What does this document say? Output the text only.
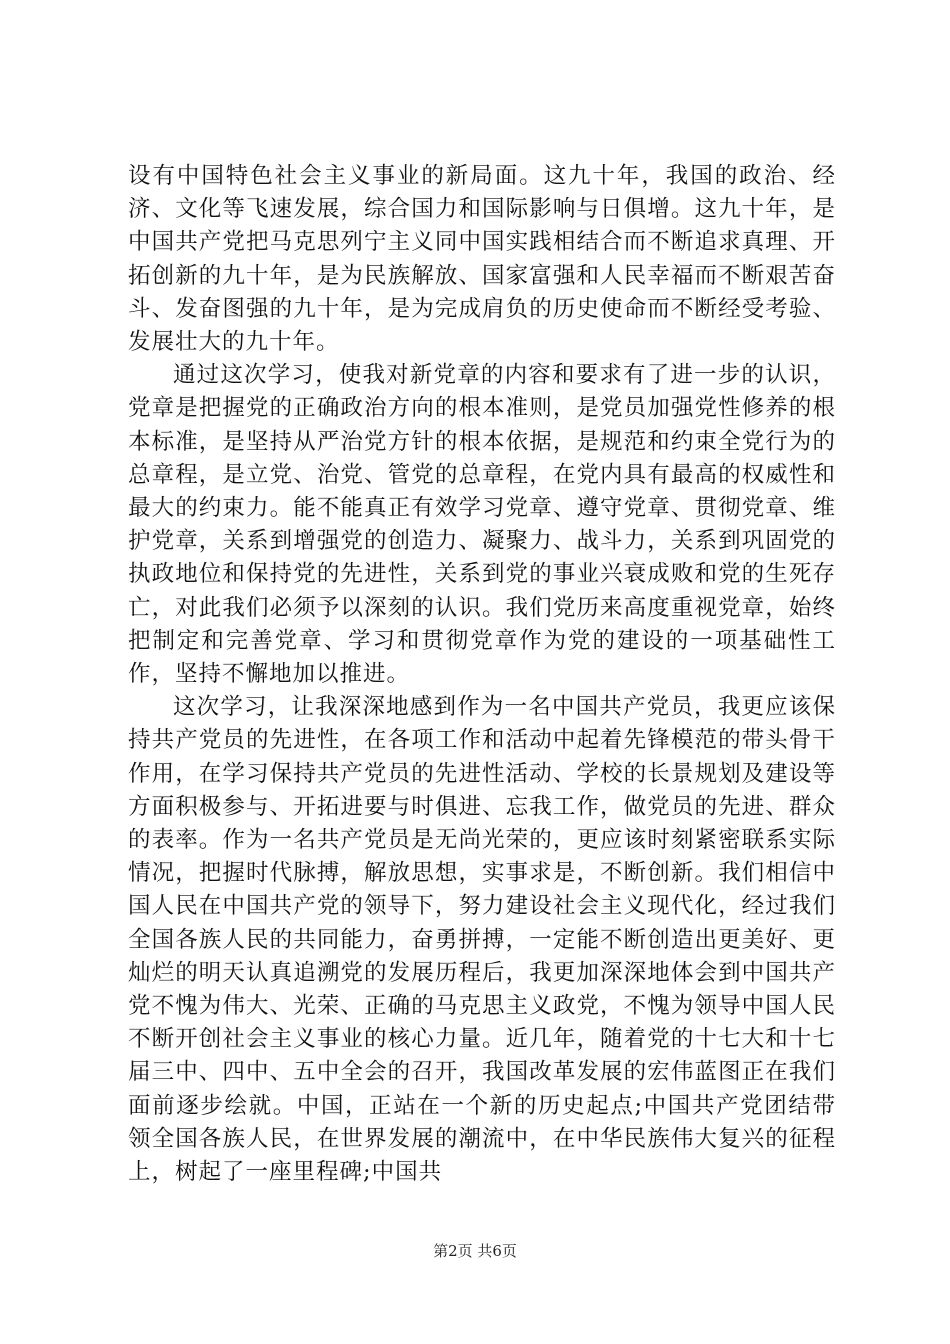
设有中国特色社会主义事业的新局面。这九十年，我国的政治、经济、文化等飞速发展，综合国力和国际影响与日俱增。这九十年，是中国共产党把马克思列宁主义同中国实践相结合而不断追求真理、开拓创新的九十年，是为民族解放、国家富强和人民幸福而不断艰苦奋斗、发奋图强的九十年，是为完成肩负的历史使命而不断经受考验、发展壮大的九十年。

通过这次学习，使我对新党章的内容和要求有了进一步的认识，党章是把握党的正确政治方向的根本准则，是党员加强党性修养的根本标准，是坚持从严治党方针的根本依据，是规范和约束全党行为的总章程，是立党、治党、管党的总章程，在党内具有最高的权威性和最大的约束力。能不能真正有效学习党章、遵守党章、贯彻党章、维护党章，关系到增强党的创造力、凝聚力、战斗力，关系到巩固党的执政地位和保持党的先进性，关系到党的事业兴衰成败和党的生死存亡，对此我们必须予以深刻的认识。我们党历来高度重视党章，始终把制定和完善党章、学习和贯彻党章作为党的建设的一项基础性工作，坚持不懈地加以推进。

这次学习，让我深深地感到作为一名中国共产党员，我更应该保持共产党员的先进性，在各项工作和活动中起着先锋模范的带头骨干作用，在学习保持共产党员的先进性活动、学校的长景规划及建设等方面积极参与、开拓进要与时俱进、忘我工作，做党员的先进、群众的表率。作为一名共产党员是无尚光荣的，更应该时刻紧密联系实际情况，把握时代脉搏，解放思想，实事求是，不断创新。我们相信中国人民在中国共产党的领导下，努力建设社会主义现代化，经过我们全国各族人民的共同能力，奋勇拼搏，一定能不断创造出更美好、更灿烂的明天认真追溯党的发展历程后，我更加深深地体会到中国共产党不愧为伟大、光荣、正确的马克思主义政党，不愧为领导中国人民不断开创社会主义事业的核心力量。近几年，随着党的十七大和十七届三中、四中、五中全会的召开，我国改革发展的宏伟蓝图正在我们面前逐步绘就。中国，正站在一个新的历史起点;中国共产党团结带领全国各族人民，在世界发展的潮流中，在中华民族伟大复兴的征程上，树起了一座里程碑;中国共

第2页 共6页
